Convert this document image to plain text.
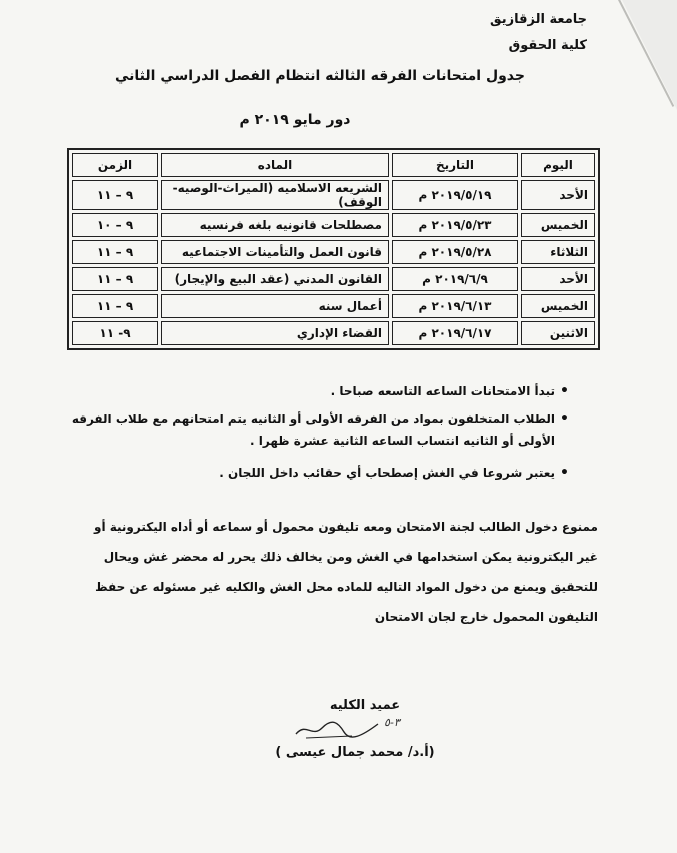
جامعة الزقازيق
كلية الحقوق
جدول امتحانات الفرقه الثالثه انتظام الفصل الدراسي الثاني
دور مايو ٢٠١٩ م
اليوم	التاريخ	الماده	الزمن
الأحد	٢٠١٩/٥/١٩ م	الشريعه الاسلاميه (الميراث-الوصيه-الوقف)	٩ – ١١
الخميس	٢٠١٩/٥/٢٣ م	مصطلحات قانونيه بلغه فرنسيه	٩ – ١٠
الثلاثاء	٢٠١٩/٥/٢٨ م	قانون العمل والتأمينات الاجتماعيه	٩ – ١١
الأحد	٢٠١٩/٦/٩ م	القانون المدني (عقد البيع والإيجار)	٩ – ١١
الخميس	٢٠١٩/٦/١٣ م	أعمال سنه	٩ – ١١
الاثنين	٢٠١٩/٦/١٧ م	القضاء الإداري	٩- ١١
• تبدأ الامتحانات الساعه التاسعه صباحا .
• الطلاب المتخلفون بمواد من الفرقه الأولى أو الثانيه يتم امتحانهم مع طلاب الفرقه الأولى أو الثانيه انتساب الساعه الثانية عشرة ظهرا .
• يعتبر شروعا في الغش إصطحاب أي حقائب داخل اللجان .
ممنوع دخول الطالب لجنة الامتحان ومعه تليفون محمول أو سماعه أو أداه اليكترونية أو غير اليكترونية يمكن استخدامها في الغش ومن يخالف ذلك يحرر له محضر غش ويحال للتحقيق ويمنع من دخول المواد التاليه للماده محل الغش والكليه غير مسئوله عن حفظ التليفون المحمول خارج لجان الامتحان
عميد الكليه
٣-٥
(أ.د/ محمد جمال عيسى )
